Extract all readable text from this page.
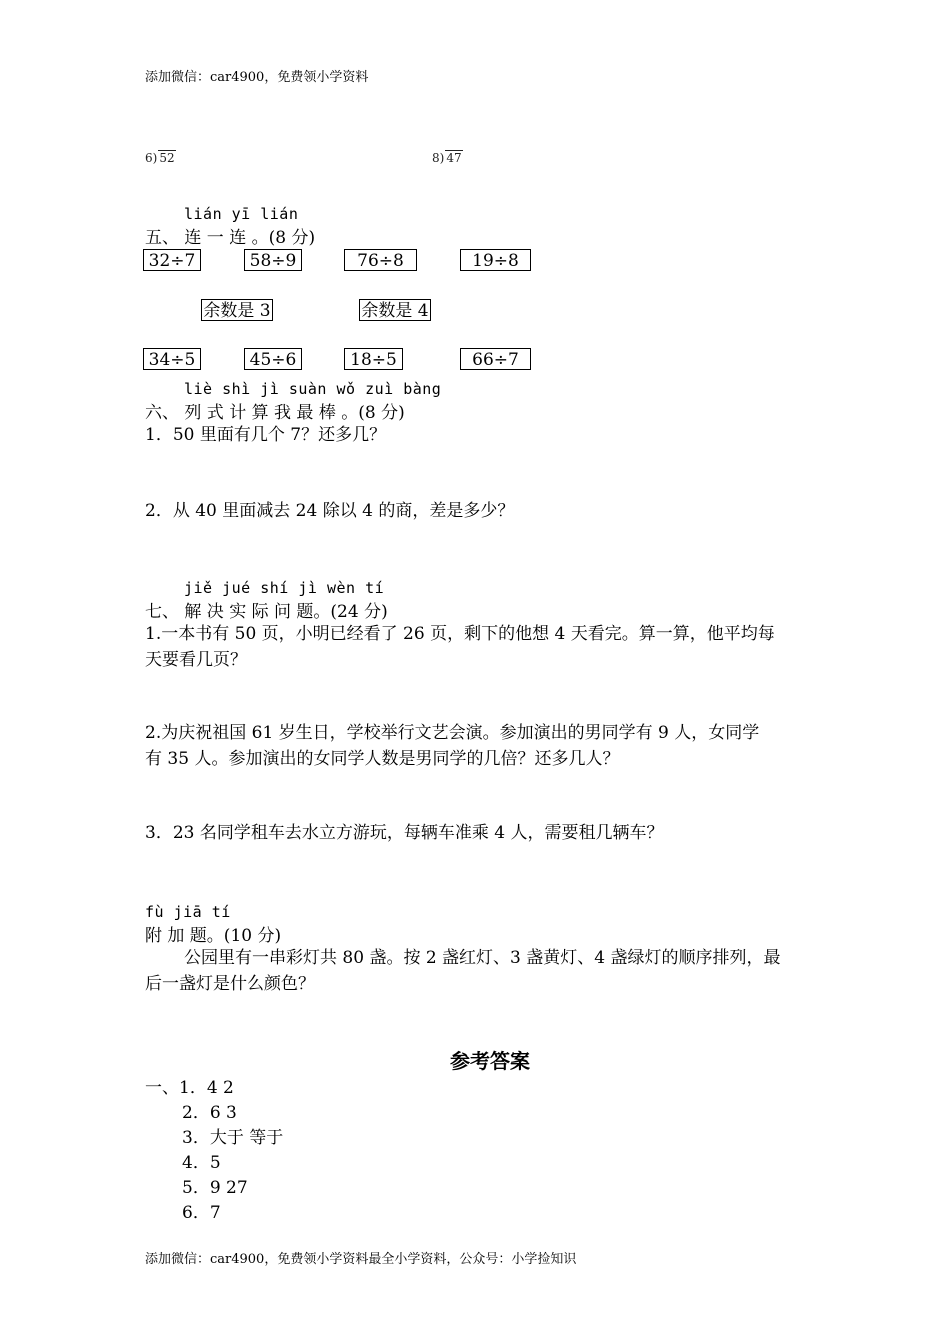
添加微信：car4900，免费领小学资料
6) 52	8) 47
lián yī lián
五、 连 一 连 。(8 分)
32÷7	58÷9	76÷8	19÷8
余数是 3	余数是 4
34÷5	45÷6	18÷5	66÷7
liè shì jì suàn wǒ zuì bàng
六、 列 式 计 算 我 最 棒 。(8 分)
1．50 里面有几个 7？还多几？
2．从 40 里面减去 24 除以 4 的商，差是多少？
jiě jué shí jì wèn tí
七、 解 决 实 际 问 题。(24 分)
1.一本书有 50 页，小明已经看了 26 页，剩下的他想 4 天看完。算一算，他平均每
天要看几页？
2.为庆祝祖国 61 岁生日，学校举行文艺会演。参加演出的男同学有 9 人，女同学
有 35 人。参加演出的女同学人数是男同学的几倍？还多几人？
3．23 名同学租车去水立方游玩，每辆车准乘 4 人，需要租几辆车？
fù jiā tí
附 加 题。(10 分)
公园里有一串彩灯共 80 盏。按 2 盏红灯、3 盏黄灯、4 盏绿灯的顺序排列，最
后一盏灯是什么颜色？
参考答案
一、1．4 2
2．6 3
3．大于 等于
4．5
5．9 27
6．7
添加微信：car4900，免费领小学资料最全小学资料，公众号：小学捡知识
